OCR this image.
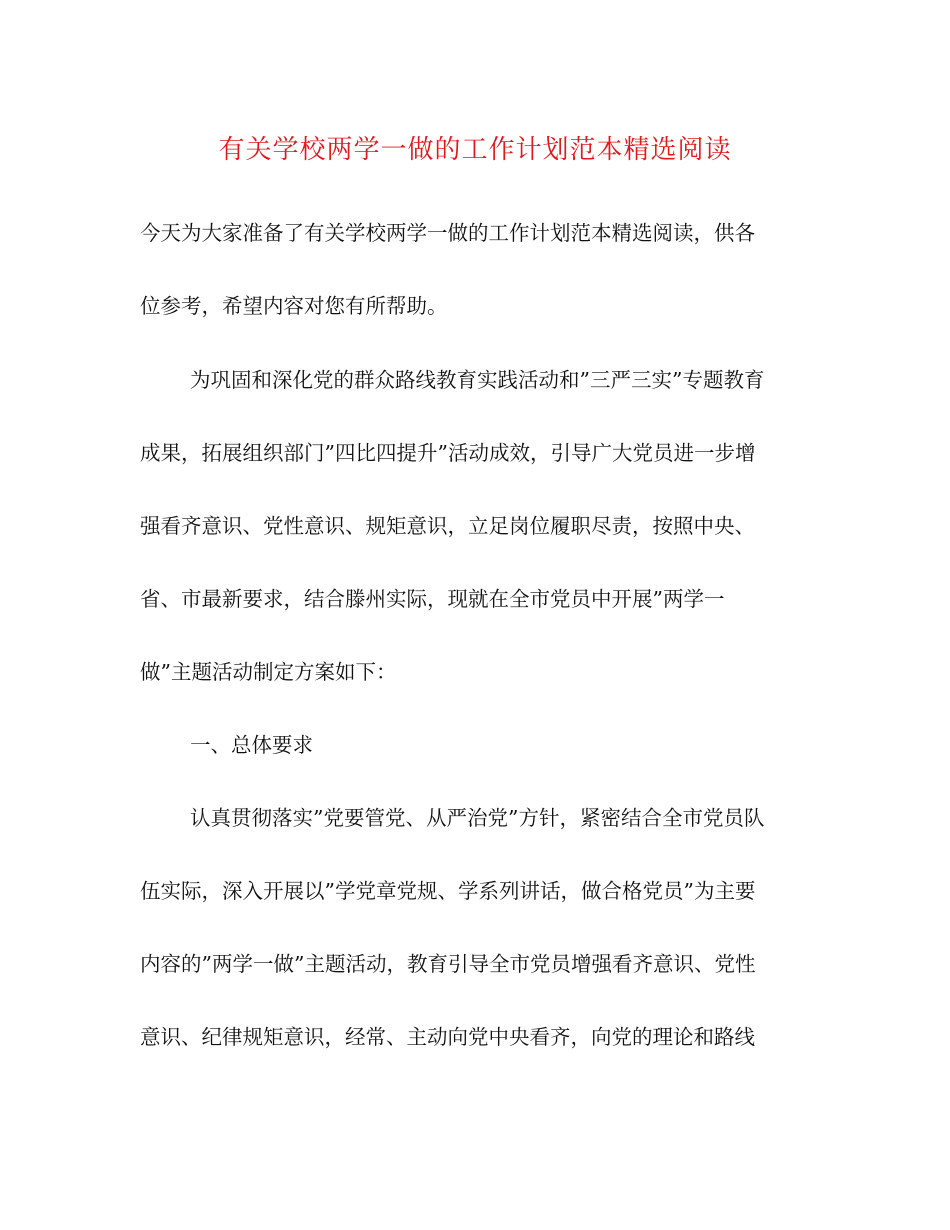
有关学校两学一做的工作计划范本精选阅读
今天为大家准备了有关学校两学一做的工作计划范本精选阅读，供各
位参考，希望内容对您有所帮助。
为巩固和深化党的群众路线教育实践活动和”三严三实”专题教育
成果，拓展组织部门”四比四提升”活动成效，引导广大党员进一步增
强看齐意识、党性意识、规矩意识，立足岗位履职尽责，按照中央、
省、市最新要求，结合滕州实际，现就在全市党员中开展”两学一
做”主题活动制定方案如下：
一、总体要求
认真贯彻落实”党要管党、从严治党”方针，紧密结合全市党员队
伍实际，深入开展以”学党章党规、学系列讲话，做合格党员”为主要
内容的”两学一做”主题活动，教育引导全市党员增强看齐意识、党性
意识、纪律规矩意识，经常、主动向党中央看齐，向党的理论和路线
